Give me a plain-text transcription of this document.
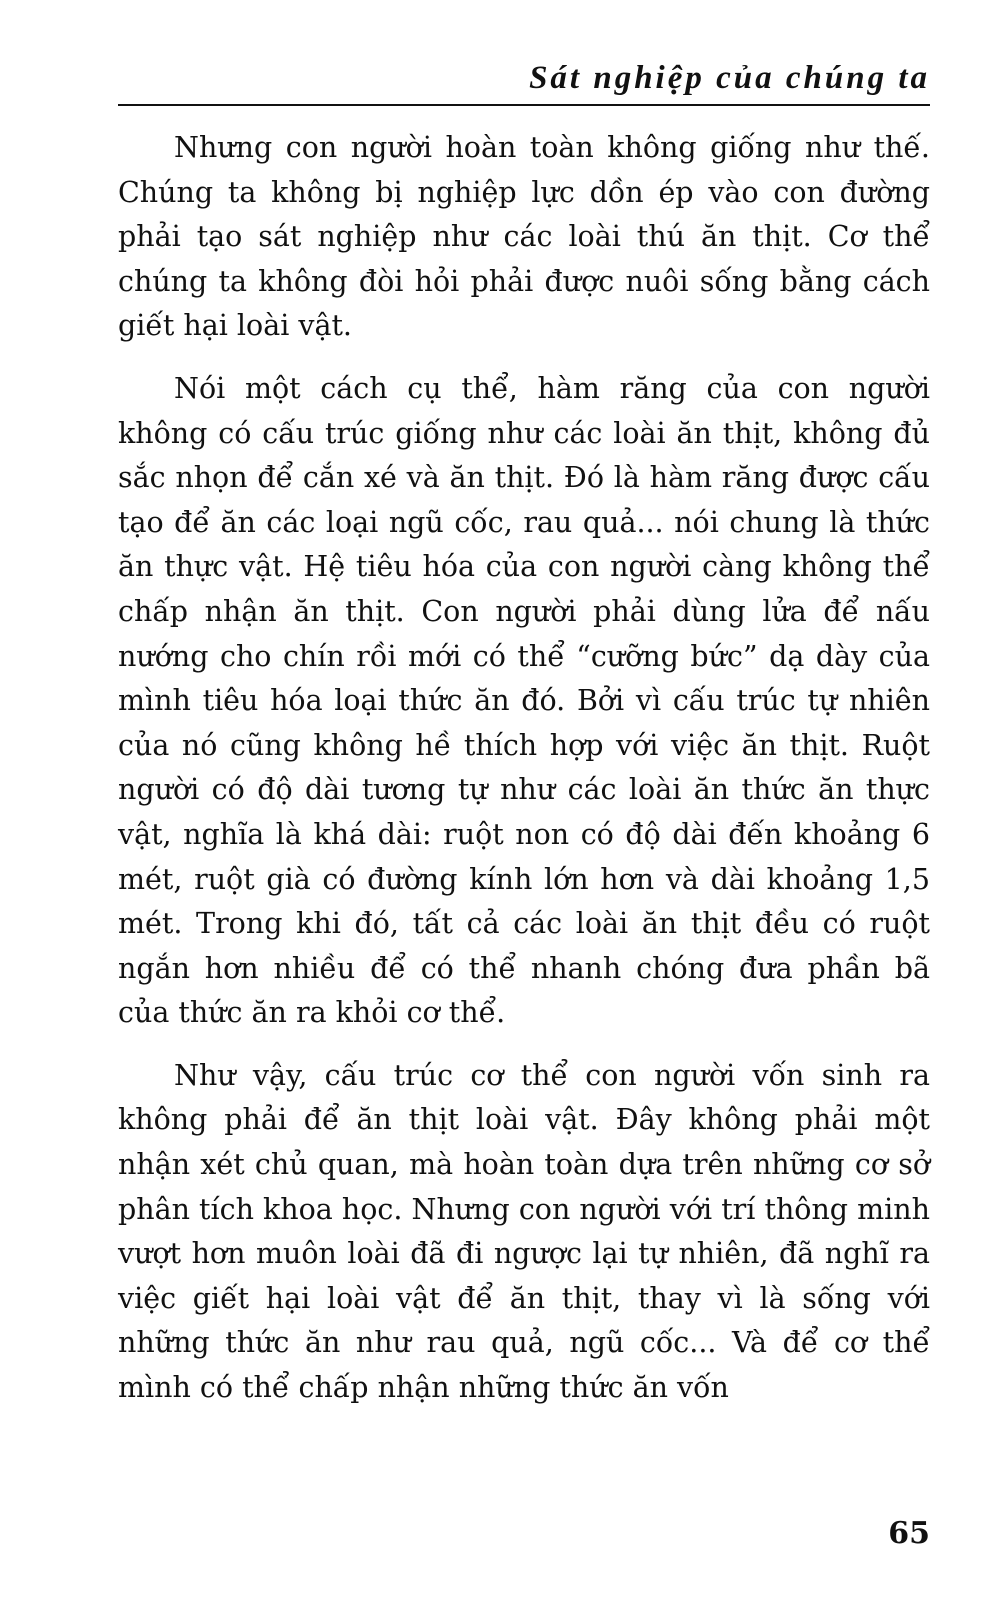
Sát nghiệp của chúng ta

Nhưng con người hoàn toàn không giống như thế. Chúng ta không bị nghiệp lực dồn ép vào con đường phải tạo sát nghiệp như các loài thú ăn thịt. Cơ thể chúng ta không đòi hỏi phải được nuôi sống bằng cách giết hại loài vật.

Nói một cách cụ thể, hàm răng của con người không có cấu trúc giống như các loài ăn thịt, không đủ sắc nhọn để cắn xé và ăn thịt. Đó là hàm răng được cấu tạo để ăn các loại ngũ cốc, rau quả... nói chung là thức ăn thực vật. Hệ tiêu hóa của con người càng không thể chấp nhận ăn thịt. Con người phải dùng lửa để nấu nướng cho chín rồi mới có thể “cưỡng bức” dạ dày của mình tiêu hóa loại thức ăn đó. Bởi vì cấu trúc tự nhiên của nó cũng không hề thích hợp với việc ăn thịt. Ruột người có độ dài tương tự như các loài ăn thức ăn thực vật, nghĩa là khá dài: ruột non có độ dài đến khoảng 6 mét, ruột già có đường kính lớn hơn và dài khoảng 1,5 mét. Trong khi đó, tất cả các loài ăn thịt đều có ruột ngắn hơn nhiều để có thể nhanh chóng đưa phần bã của thức ăn ra khỏi cơ thể.

Như vậy, cấu trúc cơ thể con người vốn sinh ra không phải để ăn thịt loài vật. Đây không phải một nhận xét chủ quan, mà hoàn toàn dựa trên những cơ sở phân tích khoa học. Nhưng con người với trí thông minh vượt hơn muôn loài đã đi ngược lại tự nhiên, đã nghĩ ra việc giết hại loài vật để ăn thịt, thay vì là sống với những thức ăn như rau quả, ngũ cốc... Và để cơ thể mình có thể chấp nhận những thức ăn vốn

65
